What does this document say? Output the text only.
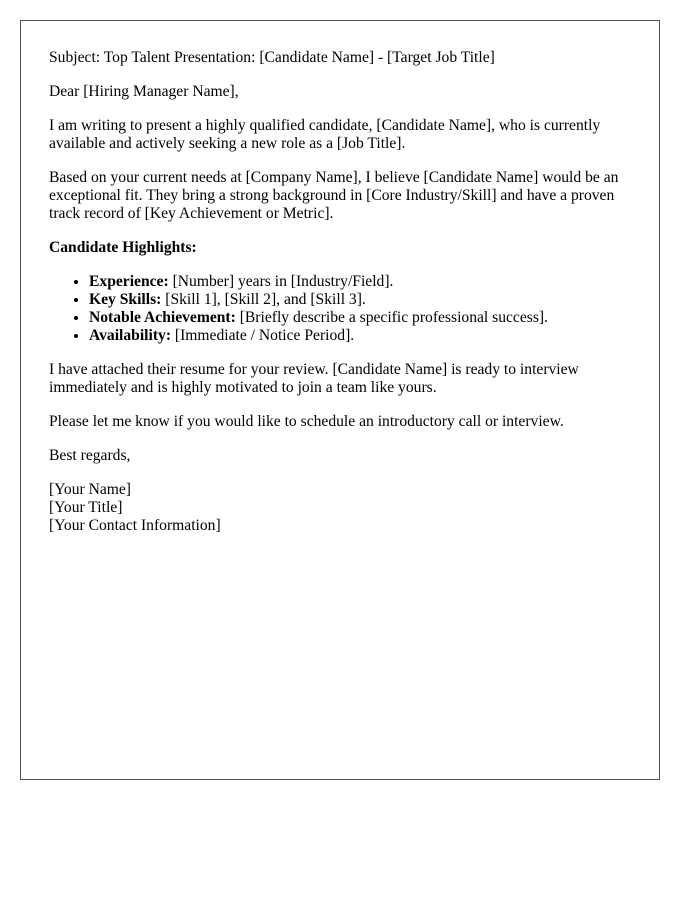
Subject: Top Talent Presentation: [Candidate Name] - [Target Job Title]

Dear [Hiring Manager Name],

I am writing to present a highly qualified candidate, [Candidate Name], who is currently available and actively seeking a new role as a [Job Title].

Based on your current needs at [Company Name], I believe [Candidate Name] would be an exceptional fit. They bring a strong background in [Core Industry/Skill] and have a proven track record of [Key Achievement or Metric].

Candidate Highlights:
• Experience: [Number] years in [Industry/Field].
• Key Skills: [Skill 1], [Skill 2], and [Skill 3].
• Notable Achievement: [Briefly describe a specific professional success].
• Availability: [Immediate / Notice Period].

I have attached their resume for your review. [Candidate Name] is ready to interview immediately and is highly motivated to join a team like yours.

Please let me know if you would like to schedule an introductory call or interview.

Best regards,

[Your Name]
[Your Title]
[Your Contact Information]
